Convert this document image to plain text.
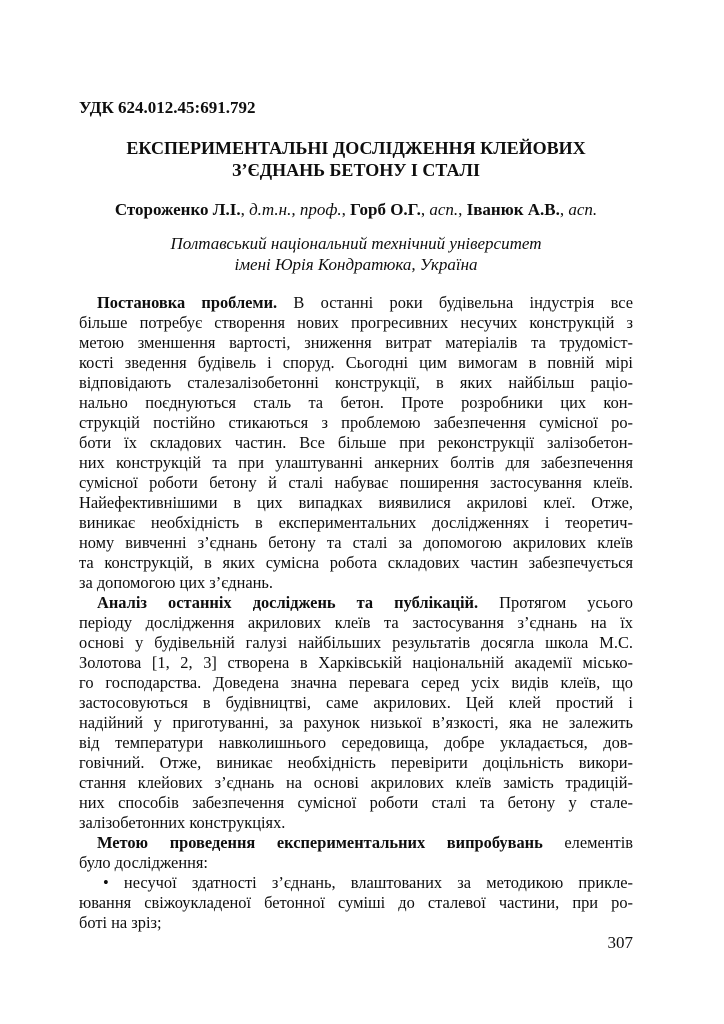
УДК 624.012.45:691.792
ЕКСПЕРИМЕНТАЛЬНІ ДОСЛІДЖЕННЯ КЛЕЙОВИХ
З’ЄДНАНЬ БЕТОНУ І СТАЛІ
Стороженко Л.І., д.т.н., проф., Горб О.Г., асп., Іванюк А.В., асп.
Полтавський національний технічний університет
імені Юрія Кондратюка, Україна
Постановка проблеми. В останні роки будівельна індустрія все
більше потребує створення нових прогресивних несучих конструкцій з
метою зменшення вартості, зниження витрат матеріалів та трудоміст-
кості зведення будівель і споруд. Сьогодні цим вимогам в повній мірі
відповідають сталезалізобетонні конструкції, в яких найбільш раціо-
нально поєднуються сталь та бетон. Проте розробники цих кон-
струкцій постійно стикаються з проблемою забезпечення сумісної ро-
боти їх складових частин. Все більше при реконструкції залізобетон-
них конструкцій та при улаштуванні анкерних болтів для забезпечення
сумісної роботи бетону й сталі набуває поширення застосування клеїв.
Найефективнішими в цих випадках виявилися акрилові клеї. Отже,
виникає необхідність в експериментальних дослідженнях і теоретич-
ному вивченні з’єднань бетону та сталі за допомогою акрилових клеїв
та конструкцій, в яких сумісна робота складових частин забезпечується
за допомогою цих з’єднань.
Аналіз останніх досліджень та публікацій. Протягом усього
періоду дослідження акрилових клеїв та застосування з’єднань на їх
основі у будівельній галузі найбільших результатів досягла школа М.С.
Золотова [1, 2, 3] створена в Харківській національній академії місько-
го господарства. Доведена значна перевага серед усіх видів клеїв, що
застосовуються в будівництві, саме акрилових. Цей клей простий і
надійний у приготуванні, за рахунок низької в’язкості, яка не залежить
від температури навколишнього середовища, добре укладається, дов-
говічний. Отже, виникає необхідність перевірити доцільність викори-
стання клейових з’єднань на основі акрилових клеїв замість традицій-
них способів забезпечення сумісної роботи сталі та бетону у стале-
залізобетонних конструкціях.
Метою проведення експериментальних випробувань елементів
було дослідження:
• несучої здатності з’єднань, влаштованих за методикою прикле-
ювання свіжоукладеної бетонної суміші до сталевої частини, при ро-
боті на зріз;
307
